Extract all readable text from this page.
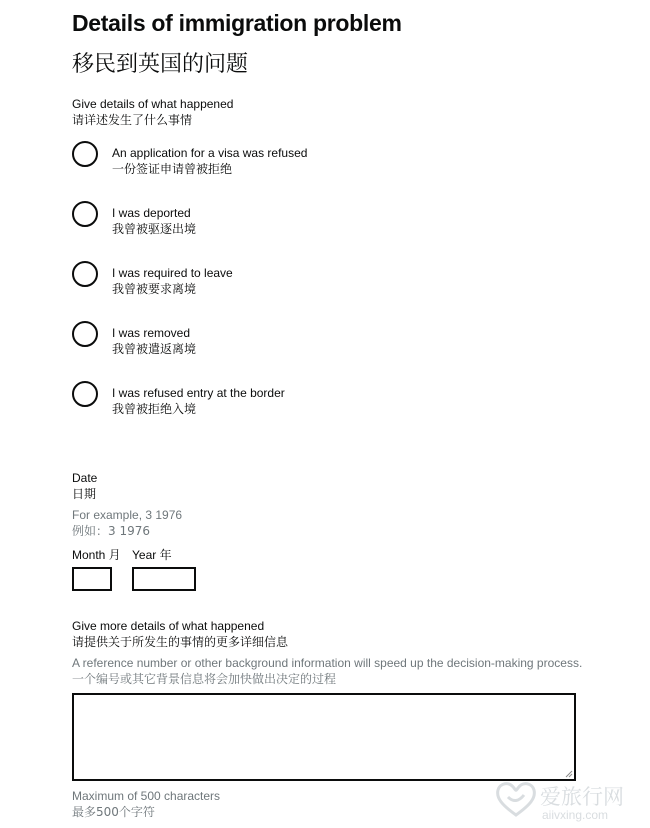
Details of immigration problem
移民到英国的问题
Give details of what happened
请详述发生了什么事情
An application for a visa was refused
一份签证申请曾被拒绝
I was deported
我曾被驱逐出境
I was required to leave
我曾被要求离境
I was removed
我曾被遣返离境
I was refused entry at the border
我曾被拒绝入境
Date
日期
For example, 3 1976
例如：3 1976
Month 月 Year 年
Give more details of what happened
请提供关于所发生的事情的更多详细信息
A reference number or other background information will speed up the decision-making process.
一个编号或其它背景信息将会加快做出决定的过程
Maximum of 500 characters
最多500个字符
爱旅行网
aiivxing.com
